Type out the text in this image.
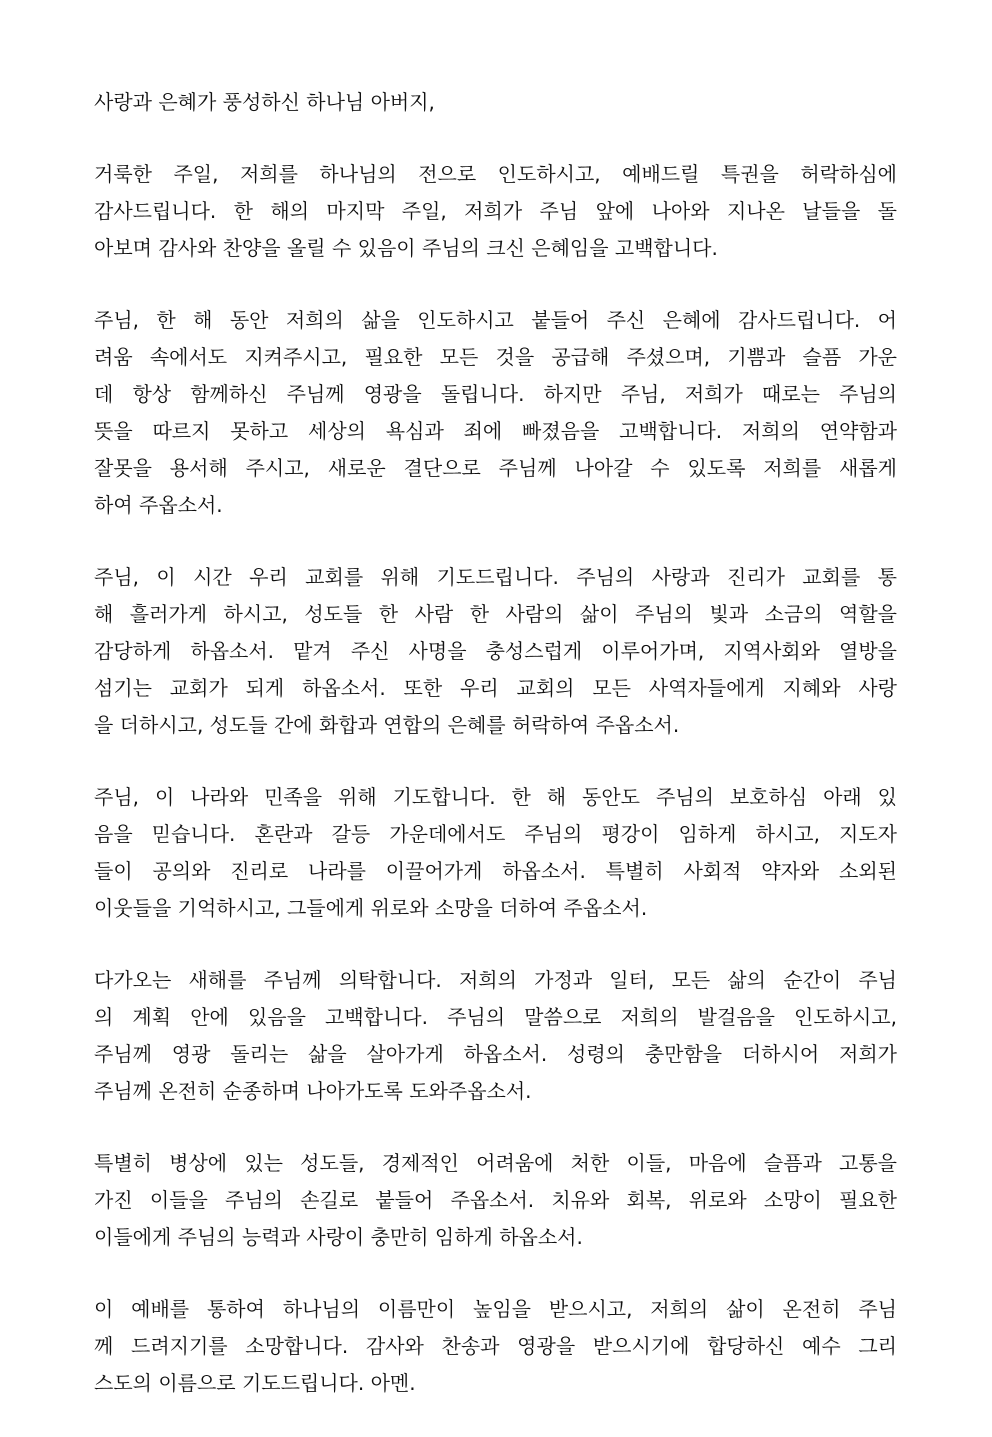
사랑과 은혜가 풍성하신 하나님 아버지,
거룩한 주일, 저희를 하나님의 전으로 인도하시고, 예배드릴 특권을 허락하심에
감사드립니다. 한 해의 마지막 주일, 저희가 주님 앞에 나아와 지나온 날들을 돌
아보며 감사와 찬양을 올릴 수 있음이 주님의 크신 은혜임을 고백합니다.
주님, 한 해 동안 저희의 삶을 인도하시고 붙들어 주신 은혜에 감사드립니다. 어
려움 속에서도 지켜주시고, 필요한 모든 것을 공급해 주셨으며, 기쁨과 슬픔 가운
데 항상 함께하신 주님께 영광을 돌립니다. 하지만 주님, 저희가 때로는 주님의
뜻을 따르지 못하고 세상의 욕심과 죄에 빠졌음을 고백합니다. 저희의 연약함과
잘못을 용서해 주시고, 새로운 결단으로 주님께 나아갈 수 있도록 저희를 새롭게
하여 주옵소서.
주님, 이 시간 우리 교회를 위해 기도드립니다. 주님의 사랑과 진리가 교회를 통
해 흘러가게 하시고, 성도들 한 사람 한 사람의 삶이 주님의 빛과 소금의 역할을
감당하게 하옵소서. 맡겨 주신 사명을 충성스럽게 이루어가며, 지역사회와 열방을
섬기는 교회가 되게 하옵소서. 또한 우리 교회의 모든 사역자들에게 지혜와 사랑
을 더하시고, 성도들 간에 화합과 연합의 은혜를 허락하여 주옵소서.
주님, 이 나라와 민족을 위해 기도합니다. 한 해 동안도 주님의 보호하심 아래 있
음을 믿습니다. 혼란과 갈등 가운데에서도 주님의 평강이 임하게 하시고, 지도자
들이 공의와 진리로 나라를 이끌어가게 하옵소서. 특별히 사회적 약자와 소외된
이웃들을 기억하시고, 그들에게 위로와 소망을 더하여 주옵소서.
다가오는 새해를 주님께 의탁합니다. 저희의 가정과 일터, 모든 삶의 순간이 주님
의 계획 안에 있음을 고백합니다. 주님의 말씀으로 저희의 발걸음을 인도하시고,
주님께 영광 돌리는 삶을 살아가게 하옵소서. 성령의 충만함을 더하시어 저희가
주님께 온전히 순종하며 나아가도록 도와주옵소서.
특별히 병상에 있는 성도들, 경제적인 어려움에 처한 이들, 마음에 슬픔과 고통을
가진 이들을 주님의 손길로 붙들어 주옵소서. 치유와 회복, 위로와 소망이 필요한
이들에게 주님의 능력과 사랑이 충만히 임하게 하옵소서.
이 예배를 통하여 하나님의 이름만이 높임을 받으시고, 저희의 삶이 온전히 주님
께 드려지기를 소망합니다. 감사와 찬송과 영광을 받으시기에 합당하신 예수 그리
스도의 이름으로 기도드립니다. 아멘.
